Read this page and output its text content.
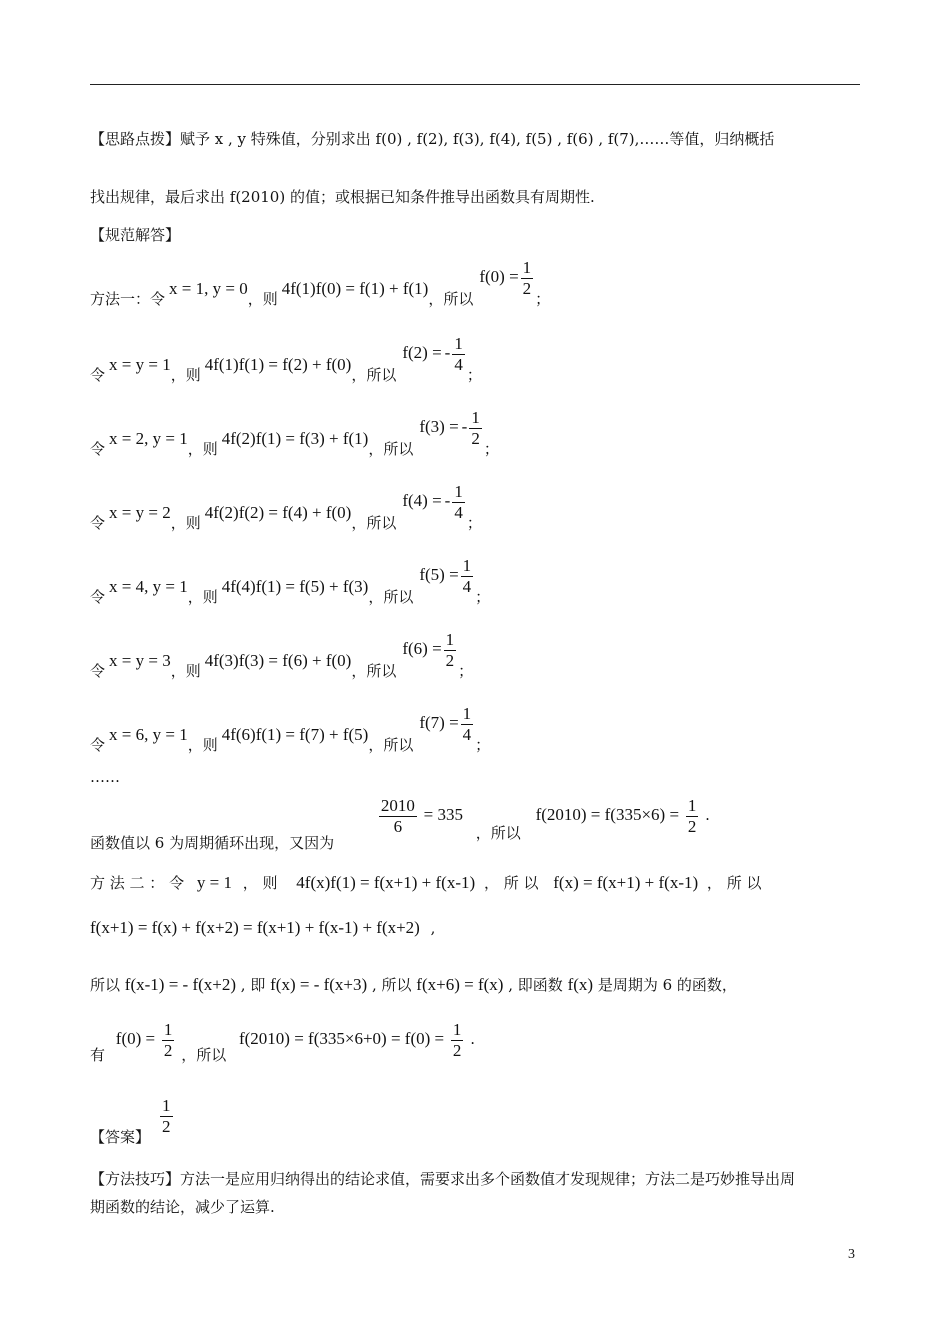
【思路点拨】赋予 x , y 特殊值，分别求出 f(0) , f(2), f(3), f(4), f(5) , f(6) , f(7),……等值，归纳概括
找出规律，最后求出 f(2010) 的值；或根据已知条件推导出函数具有周期性.
【规范解答】
方法一：令x = 1, y = 0，则4f(1)f(0) = f(1) + f(1)，所以$f(0) = \frac{1}{2}$
；
令x = y = 1，则4f(1)f(1) = f(2) + f(0)，所以f(2) = - $\frac{1}{4}$
；
令x = 2, y = 1，则4f(2)f(1) = f(3) + f(1)，所以f(3) = - $\frac{1}{2}$
；
令x = y = 2，则4f(2)f(2) = f(4) + f(0)，所以f(4) = - $\frac{1}{4}$
；
令x = 4, y = 1，则4f(4)f(1) = f(5) + f(3)，所以$f(5) = \frac{1}{4}$
；
令x = y = 3，则4f(3)f(3) = f(6) + f(0)，所以$f(6) = \frac{1}{2}$
；
令x = 6, y = 1，则4f(6)f(1) = f(7) + f(5)，所以$f(7) = \frac{1}{4}$
；
……
函数值以 6 为周期循环出现，又因为
$\frac{2010}{6} = 335$ ，所以 $f(2010) = f(335\times 6) = \frac{1}{2}$ .
方 法 二 ： 令 y = 1 ， 则 4f(x)f(1) = f(x+1) + f(x-1) ， 所 以 f(x) = f(x+1) + f(x-1) ， 所 以
f(x+1) = f(x) + f(x+2) = f(x+1) + f(x-1) + f(x+2) ,
所以 f(x-1) = - f(x+2) , 即 f(x) = - f(x+3) , 所以 f(x+6) = f(x) , 即函数 f(x) 是周期为 6 的函数，
有 $f(0) = \frac{1}{2}$ ，所以 $f(2010) = f(335\times 6+0) = f(0) = \frac{1}{2}$ .
【答案】
$\frac{1}{2}$
【方法技巧】方法一是应用归纳得出的结论求值，需要求出多个函数值才发现规律；方法二是巧妙推导出周
期函数的结论，减少了运算.
3
